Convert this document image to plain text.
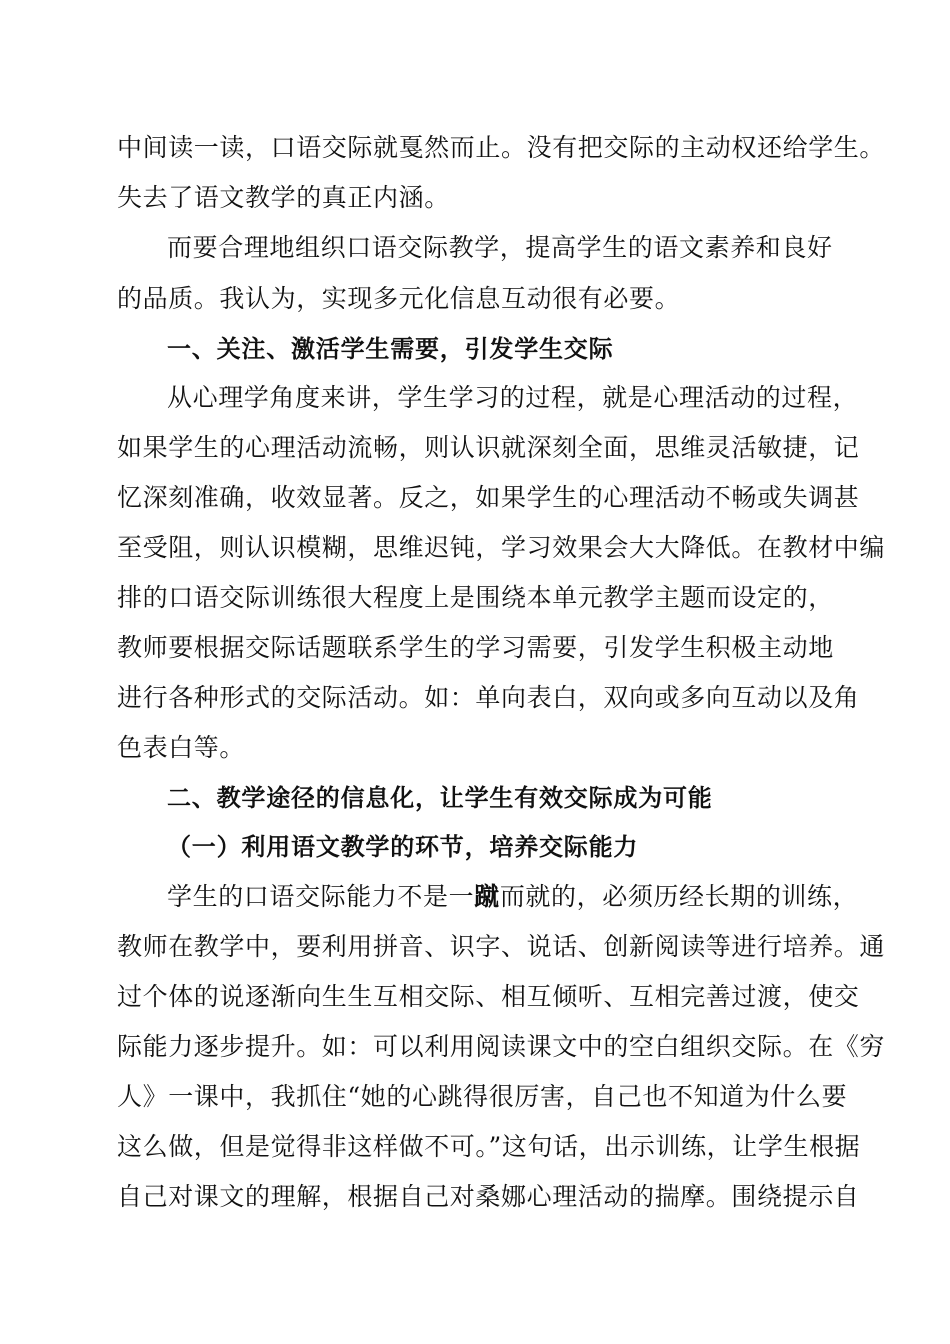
中间读一读，口语交际就戛然而止。没有把交际的主动权还给学生。
失去了语文教学的真正内涵。
而要合理地组织口语交际教学，提高学生的语文素养和良好
的品质。我认为，实现多元化信息互动很有必要。
一、关注、激活学生需要，引发学生交际
从心理学角度来讲，学生学习的过程，就是心理活动的过程，
如果学生的心理活动流畅，则认识就深刻全面，思维灵活敏捷，记
忆深刻准确，收效显著。反之，如果学生的心理活动不畅或失调甚
至受阻，则认识模糊，思维迟钝，学习效果会大大降低。在教材中编
排的口语交际训练很大程度上是围绕本单元教学主题而设定的，
教师要根据交际话题联系学生的学习需要，引发学生积极主动地
进行各种形式的交际活动。如：单向表白，双向或多向互动以及角
色表白等。
二、教学途径的信息化，让学生有效交际成为可能
（一）利用语文教学的环节，培养交际能力
学生的口语交际能力不是一蹴而就的，必须历经长期的训练，
教师在教学中，要利用拼音、识字、说话、创新阅读等进行培养。通
过个体的说逐渐向生生互相交际、相互倾听、互相完善过渡，使交
际能力逐步提升。如：可以利用阅读课文中的空白组织交际。在《穷
人》一课中，我抓住“她的心跳得很厉害，自己也不知道为什么要
这么做，但是觉得非这样做不可。”这句话，出示训练，让学生根据
自己对课文的理解，根据自己对桑娜心理活动的揣摩。围绕提示自
